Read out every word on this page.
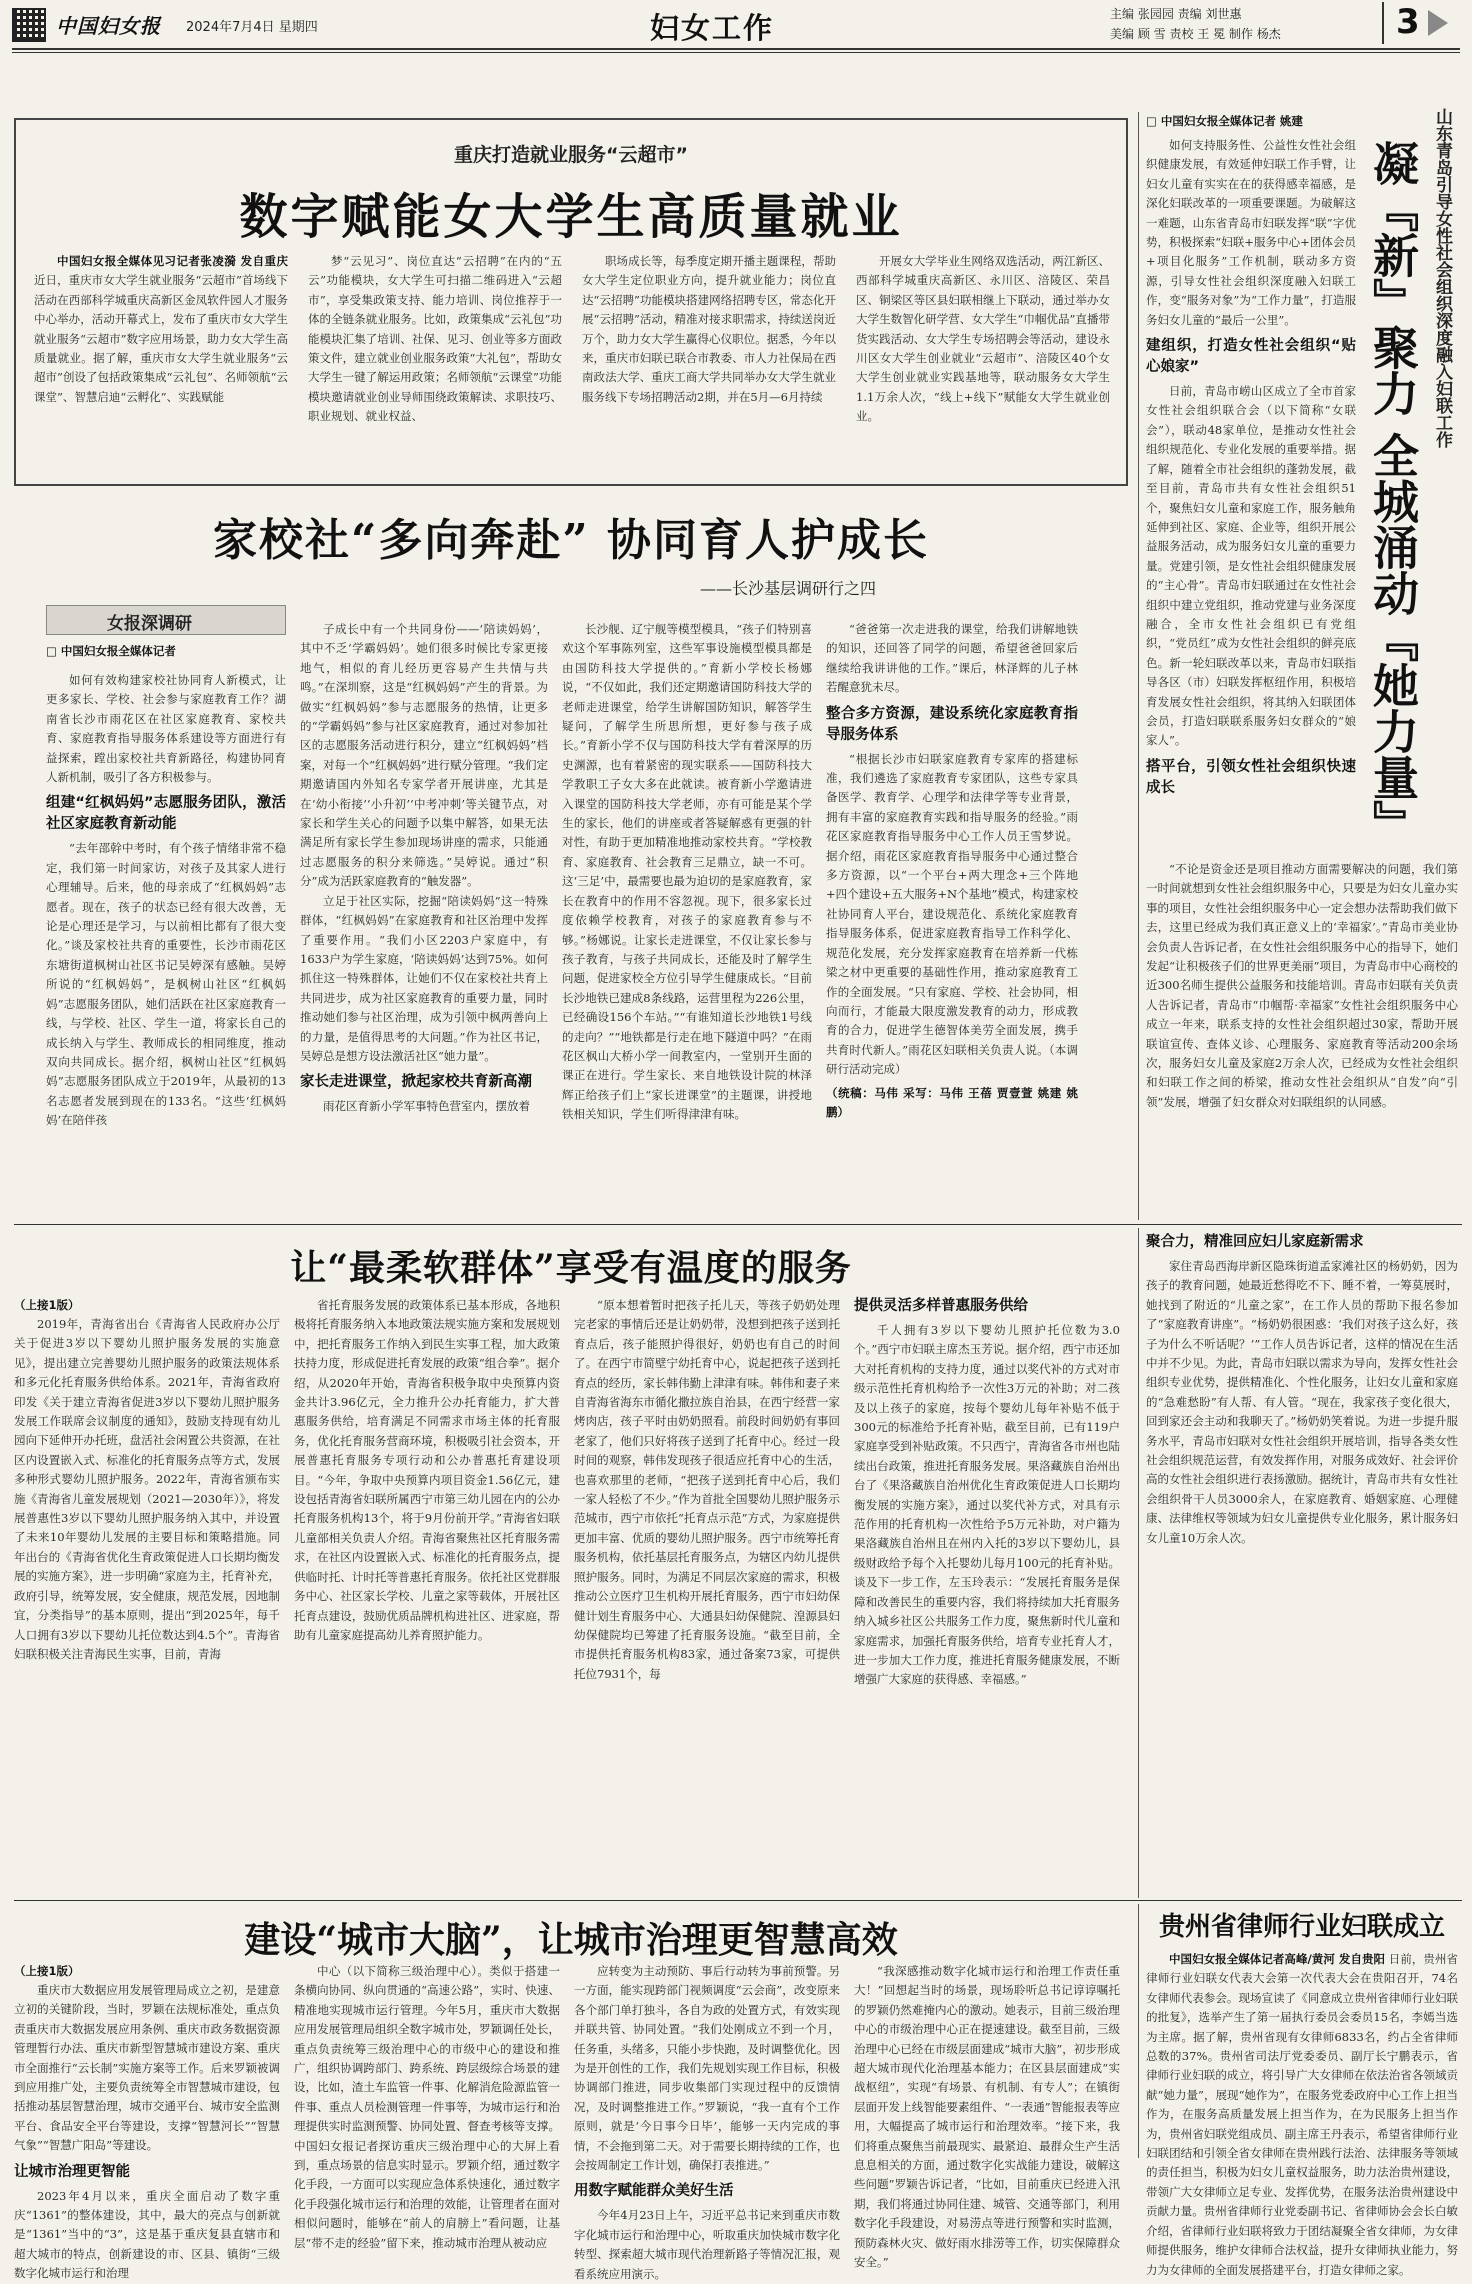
中国妇女报 2024年7月4日 星期四	妇女工作	主编 张园园 责编 刘世惠
美编 顾 雪 责校 王 冕 制作 杨杰	3
重庆打造就业服务“云超市”
数字赋能女大学生高质量就业

中国妇女报全媒体见习记者张凌漪 发自重庆 近日，重庆市女大学生就业服务“云超市”首场线下活动在西部科学城重庆高新区金凤软件园人才服务中心举办，活动开幕式上，发布了重庆市女大学生就业服务“云超市”数字应用场景，助力女大学生高质量就业。据了解，重庆市女大学生就业服务“云超市”创设了包括政策集成“云礼包”、名师领航“云课堂”、智慧启迪“云孵化”、实践赋能

梦“云见习”、岗位直达“云招聘”在内的“五云”功能模块，女大学生可扫描二维码进入“云超市”，享受集政策支持、能力培训、岗位推荐于一体的全链条就业服务。比如，政策集成“云礼包”功能模块汇集了培训、社保、见习、创业等多方面政策文件，建立就业创业服务政策“大礼包”，帮助女大学生一键了解运用政策；名师领航“云课堂”功能模块邀请就业创业导师围绕政策解读、求职技巧、职业规划、就业权益、

职场成长等，每季度定期开播主题课程，帮助女大学生定位职业方向，提升就业能力；岗位直达“云招聘”功能模块搭建网络招聘专区，常态化开展“云招聘”活动，精准对接求职需求，持续送岗近万个，助力女大学生赢得心仪职位。据悉，今年以来，重庆市妇联已联合市教委、市人力社保局在西南政法大学、重庆工商大学共同举办女大学生就业服务线下专场招聘活动2期，并在5月—6月持续

开展女大学毕业生网络双选活动，两江新区、西部科学城重庆高新区、永川区、涪陵区、荣昌区、铜梁区等区县妇联相继上下联动，通过举办女大学生数智化研学营、女大学生“巾帼优品”直播带货实践活动、女大学生专场招聘会等活动，建设永川区女大学生创业就业“云超市”、涪陵区40个女大学生创业就业实践基地等，联动服务女大学生1.1万余人次，“线上+线下”赋能女大学生就业创业。

家校社“多向奔赴” 协同育人护成长
——长沙基层调研行之四
女报深调研
□ 中国妇女报全媒体记者

如何有效构建家校社协同育人新模式，让更多家长、学校、社会参与家庭教育工作？湖南省长沙市雨花区在社区家庭教育、家校共育、家庭教育指导服务体系建设等方面进行有益探索，蹚出家校社共育新路径，构建协同育人新机制，吸引了各方积极参与。

组建“红枫妈妈”志愿服务团队，激活社区家庭教育新动能

“去年邵幹中考时，有个孩子情绪非常不稳定，我们第一时间家访，对孩子及其家人进行心理辅导。后来，他的母亲成了“红枫妈妈”志愿者。现在，孩子的状态已经有很大改善，无论是心理还是学习，与以前相比都有了很大变化。”谈及家校社共育的重要性，长沙市雨花区东塘街道枫树山社区书记吴婷深有感触。吴婷所说的“红枫妈妈”，是枫树山社区“红枫妈妈”志愿服务团队，她们活跃在社区家庭教育一线，与学校、社区、学生一道，将家长自己的成长纳入与学生、教师成长的相同维度，推动双向共同成长。据介绍，枫树山社区“红枫妈妈”志愿服务团队成立于2019年，从最初的13名志愿者发展到现在的133名。“这些‘红枫妈妈’在陪伴孩

子成长中有一个共同身份——‘陪读妈妈’，其中不乏‘学霸妈妈’。她们很多时候比专家更接地气，相似的育儿经历更容易产生共情与共鸣。”在深圳察，这是“红枫妈妈”产生的背景。为做实“红枫妈妈”参与志愿服务的热情，让更多的“学霸妈妈”参与社区家庭教育，通过对参加社区的志愿服务活动进行积分，建立“红枫妈妈”档案，对每一个“红枫妈妈”进行赋分管理。“我们定期邀请国内外知名专家学者开展讲座，尤其是在‘幼小衔接’‘小升初’‘中考冲刺’等关键节点，对家长和学生关心的问题予以集中解答，如果无法满足所有家长学生参加现场讲座的需求，只能通过志愿服务的积分来筛选。”吴婷说。通过“积分”成为活跃家庭教育的“触发器”。

立足于社区实际，挖掘“陪读妈妈”这一特殊群体，“红枫妈妈”在家庭教育和社区治理中发挥了重要作用。“我们小区2203户家庭中，有1633户为学生家庭，‘陪读妈妈’达到75%。如何抓住这一特殊群体，让她们不仅在家校社共育上共同进步，成为社区家庭教育的重要力量，同时推动她们参与社区治理，成为引领中枫两善向上的力量，是值得思考的大问题。”作为社区书记，吴婷总是想方设法激活社区“她力量”。

家长走进课堂，掀起家校共育新高潮

雨花区育新小学军事特色营室内，摆放着

长沙舰、辽宁舰等模型模具，“孩子们特别喜欢这个军事陈列室，这些军事设施模型模具都是由国防科技大学提供的。”育新小学校长杨娜说，“不仅如此，我们还定期邀请国防科技大学的老师走进课堂，给学生讲解国防知识，解答学生疑问，了解学生所思所想，更好参与孩子成长。”育新小学不仅与国防科技大学有着深厚的历史渊源，也有着紧密的现实联系——国防科技大学教职工子女大多在此就读。被育新小学邀请进入课堂的国防科技大学老师，亦有可能是某个学生的家长，他们的讲座或者答疑解惑有更强的针对性，有助于更加精准地推动家校共育。“学校教育、家庭教育、社会教育三足鼎立，缺一不可。这‘三足’中，最需要也最为迫切的是家庭教育，家长在教育中的作用不容忽视。现下，很多家长过度依赖学校教育，对孩子的家庭教育参与不够。”杨娜说。让家长走进课堂，不仅让家长参与孩子教育，与孩子共同成长，还能及时了解学生问题，促进家校全方位引导学生健康成长。“目前长沙地铁已建成8条线路，运营里程为226公里，已经确设156个车站。”“有谁知道长沙地铁1号线的走向？”“地铁都是行走在地下隧道中吗？”在雨花区枫山大桥小学一间教室内，一堂别开生面的课正在进行。学生家长、来自地铁设计院的林泽辉正给孩子们上“家长进课堂”的主题课，讲授地铁相关知识，学生们听得津津有味。

“爸爸第一次走进我的课堂，给我们讲解地铁的知识，还回答了同学的问题，希望爸爸回家后继续给我讲讲他的工作。”课后，林泽辉的儿子林若醒意犹未尽。

整合多方资源，建设系统化家庭教育指导服务体系

“根据长沙市妇联家庭教育专家库的搭建标准，我们遴选了家庭教育专家团队，这些专家具备医学、教育学、心理学和法律学等专业背景，拥有丰富的家庭教育实践和指导服务的经验。”雨花区家庭教育指导服务中心工作人员王雪梦说。据介绍，雨花区家庭教育指导服务中心通过整合多方资源，以“一个平台+两大理念+三个阵地+四个建设+五大服务+N个基地”模式，构建家校社协同育人平台，建设规范化、系统化家庭教育指导服务体系，促进家庭教育指导工作科学化、规范化发展，充分发挥家庭教育在培养新一代栋梁之材中更重要的基础性作用，推动家庭教育工作的全面发展。“只有家庭、学校、社会协同，相向而行，才能最大限度激发教育的动力，形成教育的合力，促进学生德智体美劳全面发展，携手共育时代新人。”雨花区妇联相关负责人说。（本调研行活动完成）

（统稿：马伟 采写：马伟 王蓓 贾壹萱 姚建 姚鹏）
□ 中国妇女报全媒体记者 姚建	山东青岛引导女性社会组织深度融入妇联工作
凝『新』聚力 全城涌动『她力量』

如何支持服务性、公益性女性社会组织健康发展，有效延伸妇联工作手臂，让妇女儿童有实实在在的获得感幸福感，是深化妇联改革的一项重要课题。为破解这一难题，山东省青岛市妇联发挥“联”字优势，积极探索“妇联+服务中心+团体会员+项目化服务”工作机制，联动多方资源，引导女性社会组织深度融入妇联工作，变“服务对象”为“工作力量”，打造服务妇女儿童的“最后一公里”。

建组织，打造女性社会组织“贴心娘家”

日前，青岛市崂山区成立了全市首家女性社会组织联合会（以下简称“女联会”），联动48家单位，是推动女性社会组织规范化、专业化发展的重要举措。据了解，随着全市社会组织的蓬勃发展，截至目前，青岛市共有女性社会组织51个，聚焦妇女儿童和家庭工作，服务触角延伸到社区、家庭、企业等，组织开展公益服务活动，成为服务妇女儿童的重要力量。党建引领，是女性社会组织健康发展的“主心骨”。青岛市妇联通过在女性社会组织中建立党组织，推动党建与业务深度融合，全市女性社会组织已有党组织，“党员红”成为女性社会组织的鲜亮底色。新一轮妇联改革以来，青岛市妇联指导各区（市）妇联发挥枢纽作用，积极培育发展女性社会组织，将其纳入妇联团体会员，打造妇联联系服务妇女群众的“娘家人”。

搭平台，引领女性社会组织快速成长

“不论是资金还是项目推动方面需要解决的问题，我们第一时间就想到女性社会组织服务中心，只要是为妇女儿童办实事的项目，女性社会组织服务中心一定会想办法帮助我们做下去，这里已经成为我们真正意义上的‘幸福家’。”青岛市美业协会负责人告诉记者，在女性社会组织服务中心的指导下，她们发起“让积极孩子们的世界更美丽”项目，为青岛市中心商校的近300名师生提供公益服务和技能培训。青岛市妇联有关负责人告诉记者，青岛市“巾帼帮·幸福家”女性社会组织服务中心成立一年来，联系支持的女性社会组织超过30家，帮助开展联谊宣传、查体义诊、心理服务、家庭教育等活动200余场次，服务妇女儿童及家庭2万余人次，已经成为女性社会组织和妇联工作之间的桥梁，推动女性社会组织从“自发”向“引领”发展，增强了妇女群众对妇联组织的认同感。

让“最柔软群体”享受有温度的服务
（上接1版）

2019年，青海省出台《青海省人民政府办公厅关于促进3岁以下婴幼儿照护服务发展的实施意见》，提出建立完善婴幼儿照护服务的政策法规体系和多元化托育服务供给体系。2021年，青海省政府印发《关于建立青海省促进3岁以下婴幼儿照护服务发展工作联席会议制度的通知》，鼓励支持现有幼儿园向下延伸开办托班，盘活社会闲置公共资源，在社区内设置嵌入式、标准化的托育服务点等方式，发展多种形式婴幼儿照护服务。2022年，青海省颁布实施《青海省儿童发展规划（2021—2030年）》，将发展普惠性3岁以下婴幼儿照护服务纳入其中，并设置了未来10年婴幼儿发展的主要目标和策略措施。同年出台的《青海省优化生育政策促进人口长期均衡发展的实施方案》，进一步明确“家庭为主，托育补充，政府引导，统筹发展，安全健康，规范发展，因地制宜，分类指导”的基本原则，提出“到2025年，每千人口拥有3岁以下婴幼儿托位数达到4.5个”。青海省妇联积极关注青海民生实事，目前，青海

省托育服务发展的政策体系已基本形成，各地积极将托育服务纳入本地政策法规实施方案和发展规划中，把托育服务工作纳入到民生实事工程，加大政策扶持力度，形成促进托育发展的政策“组合拳”。据介绍，从2020年开始，青海省积极争取中央预算内资金共计3.96亿元，全力推升公办托育能力，扩大普惠服务供给，培育满足不同需求市场主体的托育服务，优化托育服务营商环境，积极吸引社会资本，开展普惠托育服务专项行动和公办普惠托育建设项目。“今年，争取中央预算内项目资金1.56亿元，建设包括青海省妇联所属西宁市第三幼儿园在内的公办托育服务机构13个，将于9月份前开学。”青海省妇联儿童部相关负责人介绍。青海省聚焦社区托育服务需求，在社区内设置嵌入式、标准化的托育服务点，提供临时托、计时托等普惠托育服务。依托社区党群服务中心、社区家长学校、儿童之家等载体，开展社区托育点建设，鼓励优质品牌机构进社区、进家庭，帮助有儿童家庭提高幼儿养育照护能力。

“原本想着暂时把孩子托儿天，等孩子奶奶处理完老家的事情后还是让奶奶带，没想到把孩子送到托育点后，孩子能照护得很好，奶奶也有自己的时间了。在西宁市简壁宁幼托育中心，说起把孩子送到托育点的经历，家长韩伟勤上津津有味。韩伟和妻子来自青海省海东市循化撒拉族自治县，在西宁经营一家烤肉店，孩子平时由奶奶照看。前段时间奶奶有事回老家了，他们只好将孩子送到了托育中心。经过一段时间的观察，韩伟发现孩子很适应托育中心的生活，也喜欢那里的老师，“把孩子送到托育中心后，我们一家人轻松了不少。”作为首批全国婴幼儿照护服务示范城市，西宁市依托“托育点示范”方式，为家庭提供更加丰富、优质的婴幼儿照护服务。西宁市统筹托育服务机构，依托基层托育服务点，为辖区内幼儿提供照护服务。同时，为满足不同层次家庭的需求，积极推动公立医疗卫生机构开展托育服务，西宁市妇幼保健计划生育服务中心、大通县妇幼保健院、湟源县妇幼保健院均已筹建了托育服务设施。“截至目前，全市提供托育服务机构83家，通过备案73家，可提供托位7931个，每

提供灵活多样普惠服务供给

千人拥有3岁以下婴幼儿照护托位数为3.0个。”西宁市妇联主席杰玉芳说。据介绍，西宁市还加大对托育机构的支持力度，通过以奖代补的方式对市级示范性托育机构给予一次性3万元的补助；对二孩及以上孩子的家庭，按每个婴幼儿每年补贴不低于300元的标准给予托育补贴，截至目前，已有119户家庭享受到补贴政策。不只西宁，青海省各市州也陆续出台政策，推进托育服务发展。果洛藏族自治州出台了《果洛藏族自治州优化生育政策促进人口长期均衡发展的实施方案》，通过以奖代补方式，对具有示范作用的托育机构一次性给予5万元补助，对户籍为果洛藏族自治州且在州内入托的3岁以下婴幼儿，县级财政给予每个入托婴幼儿每月100元的托育补贴。谈及下一步工作，左玉玲表示：“发展托育服务是保障和改善民生的重要内容，我们将持续加大托育服务纳入城乡社区公共服务工作力度，聚焦新时代儿童和家庭需求，加强托育服务供给，培育专业托育人才，进一步加大工作力度，推进托育服务健康发展，不断增强广大家庭的获得感、幸福感。”

聚合力，精准回应妇儿家庭新需求

家住青岛西海岸新区隐珠街道孟家滩社区的杨奶奶，因为孩子的教育问题，她最近愁得吃不下、睡不着，一筹莫展时，她找到了附近的“儿童之家”，在工作人员的帮助下报名参加了“家庭教育讲座”。“杨奶奶很困惑：‘我们对孩子这么好，孩子为什么不听话呢？’”工作人员告诉记者，这样的情况在生活中并不少见。为此，青岛市妇联以需求为导向，发挥女性社会组织专业优势，提供精准化、个性化服务，让妇女儿童和家庭的“急难愁盼”有人帮、有人管。“现在，我家孩子变化很大，回到家还会主动和我聊天了。”杨奶奶笑着说。为进一步提升服务水平，青岛市妇联对女性社会组织开展培训，指导各类女性社会组织规范运营，有效发挥作用，对服务成效好、社会评价高的女性社会组织进行表扬激励。据统计，青岛市共有女性社会组织骨干人员3000余人，在家庭教育、婚姻家庭、心理健康、法律维权等领域为妇女儿童提供专业化服务，累计服务妇女儿童10万余人次。

建设“城市大脑”，让城市治理更智慧高效
（上接1版）

重庆市大数据应用发展管理局成立之初，是建意立初的关键阶段，当时，罗颖在法规标准处，重点负责重庆市大数据发展应用条例、重庆市政务数据资源管理暂行办法、重庆市新型智慧城市建设方案、重庆市全面推行“云长制”实施方案等工作。后来罗颖被调到应用推广处，主要负责统筹全市智慧城市建设，包括推动基层智慧治理，城市交通平台、城市安全监测平台、食品安全平台等建设，支撑“智慧河长”“智慧气象”“智慧广阳岛”等建设。

让城市治理更智能

2023年4月以来，重庆全面启动了数字重庆“1361”的整体建设，其中，最大的亮点与创新就是“1361”当中的“3”，这是基于重庆复县直辖市和超大城市的特点，创新建设的市、区县、镇街“三级数字化城市运行和治理

中心（以下简称三级治理中心）。类似于搭建一条横向协同、纵向贯通的“高速公路”，实时、快速、精准地实现城市运行管理。今年5月，重庆市大数据应用发展管理局组织全数字城市处，罗颖调任处长，重点负责统筹三级治理中心的市级中心的建设和推广，组织协调跨部门、跨系统、跨层级综合场景的建设，比如，渣土车监管一件事、化解消危险源监管一件事、重点人员检测管理一件事等，为城市运行和治理提供实时监测预警、协同处置、督查考核等支撑。中国妇女报记者探访重庆三级治理中心的大屏上看到，重点场景的信息实时显示。罗颖介绍，通过数字化手段，一方面可以实现应急体系快速化，通过数字化手段强化城市运行和治理的效能，让管理者在面对相似问题时，能够在“前人的肩膀上”看问题，让基层“带不走的经验”留下来，推动城市治理从被动应

应转变为主动预防、事后行动转为事前预警。另一方面，能实现跨部门视频调度“云会商”，改变原来各个部门单打独斗，各自为政的处置方式，有效实现并联共管、协同处置。“我们处刚成立不到一个月，任务重，头绪多，只能小步快跑，及时调整优化。因为是开创性的工作，我们先规划实现工作目标，积极协调部门推进，同步收集部门实现过程中的反馈情况，及时调整推进工作。”罗颖说，“我一直有个工作原则，就是‘今日事今日毕’，能够一天内完成的事情，不会拖到第二天。对于需要长期持续的工作，也会按周制定工作计划，确保打表推进。”

用数字赋能群众美好生活

今年4月23日上午，习近平总书记来到重庆市数字化城市运行和治理中心，听取重庆加快城市数字化转型、探索超大城市现代治理新路子等情况汇报，观看系统应用演示。

“我深感推动数字化城市运行和治理工作责任重大！”回想起当时的场景，现场聆听总书记谆谆嘱托的罗颖仍然难掩内心的激动。她表示，目前三级治理中心的市级治理中心正在提速建设。截至目前，三级治理中心已经在市级层面建成“城市大脑”，初步形成超大城市现代化治理基本能力；在区县层面建成“实战枢纽”，实现“有场景、有机制、有专人”；在镇街层面开发上线智能要素组件、“一表通”智能报表等应用，大幅提高了城市运行和治理效率。“接下来，我们将重点聚焦当前最现实、最紧迫、最群众生产生活息息相关的方面，通过数字化实战能力建设，破解这些问题”罗颖告诉记者，“比如，目前重庆已经进入汛期，我们将通过协同住建、城管、交通等部门，利用数字化手段建设，对易涝点等进行预警和实时监测，预防森林火灾、做好雨水排涝等工作，切实保障群众安全。”

贵州省律师行业妇联成立

中国妇女报全媒体记者高峰/黄河 发自贵阳 日前，贵州省律师行业妇联女代表大会第一次代表大会在贵阳召开，74名女律师代表参会。现场宣读了《同意成立贵州省律师行业妇联的批复》，选举产生了第一届执行委员会委员15名，李嫣当选为主席。据了解，贵州省现有女律师6833名，约占全省律师总数的37%。贵州省司法厅党委委员、副厅长宁鹏表示，省律师行业妇联的成立，将引导广大女律师在依法治省各领域贡献“她力量”，展现“她作为”，在服务党委政府中心工作上担当作为，在服务高质量发展上担当作为，在为民服务上担当作为，贵州省妇联党组成员、副主席王丹表示，希望省律师行业妇联团结和引领全省女律师在贵州践行法治、法律服务等领域的责任担当，积极为妇女儿童权益服务，助力法治贵州建设，带领广大女律师立足专业、发挥优势，在服务法治贵州建设中贡献力量。贵州省律师行业党委副书记、省律师协会会长白敏介绍，省律师行业妇联将致力于团结凝聚全省女律师，为女律师提供服务，维护女律师合法权益，提升女律师执业能力，努力为女律师的全面发展搭建平台，打造女律师之家。
